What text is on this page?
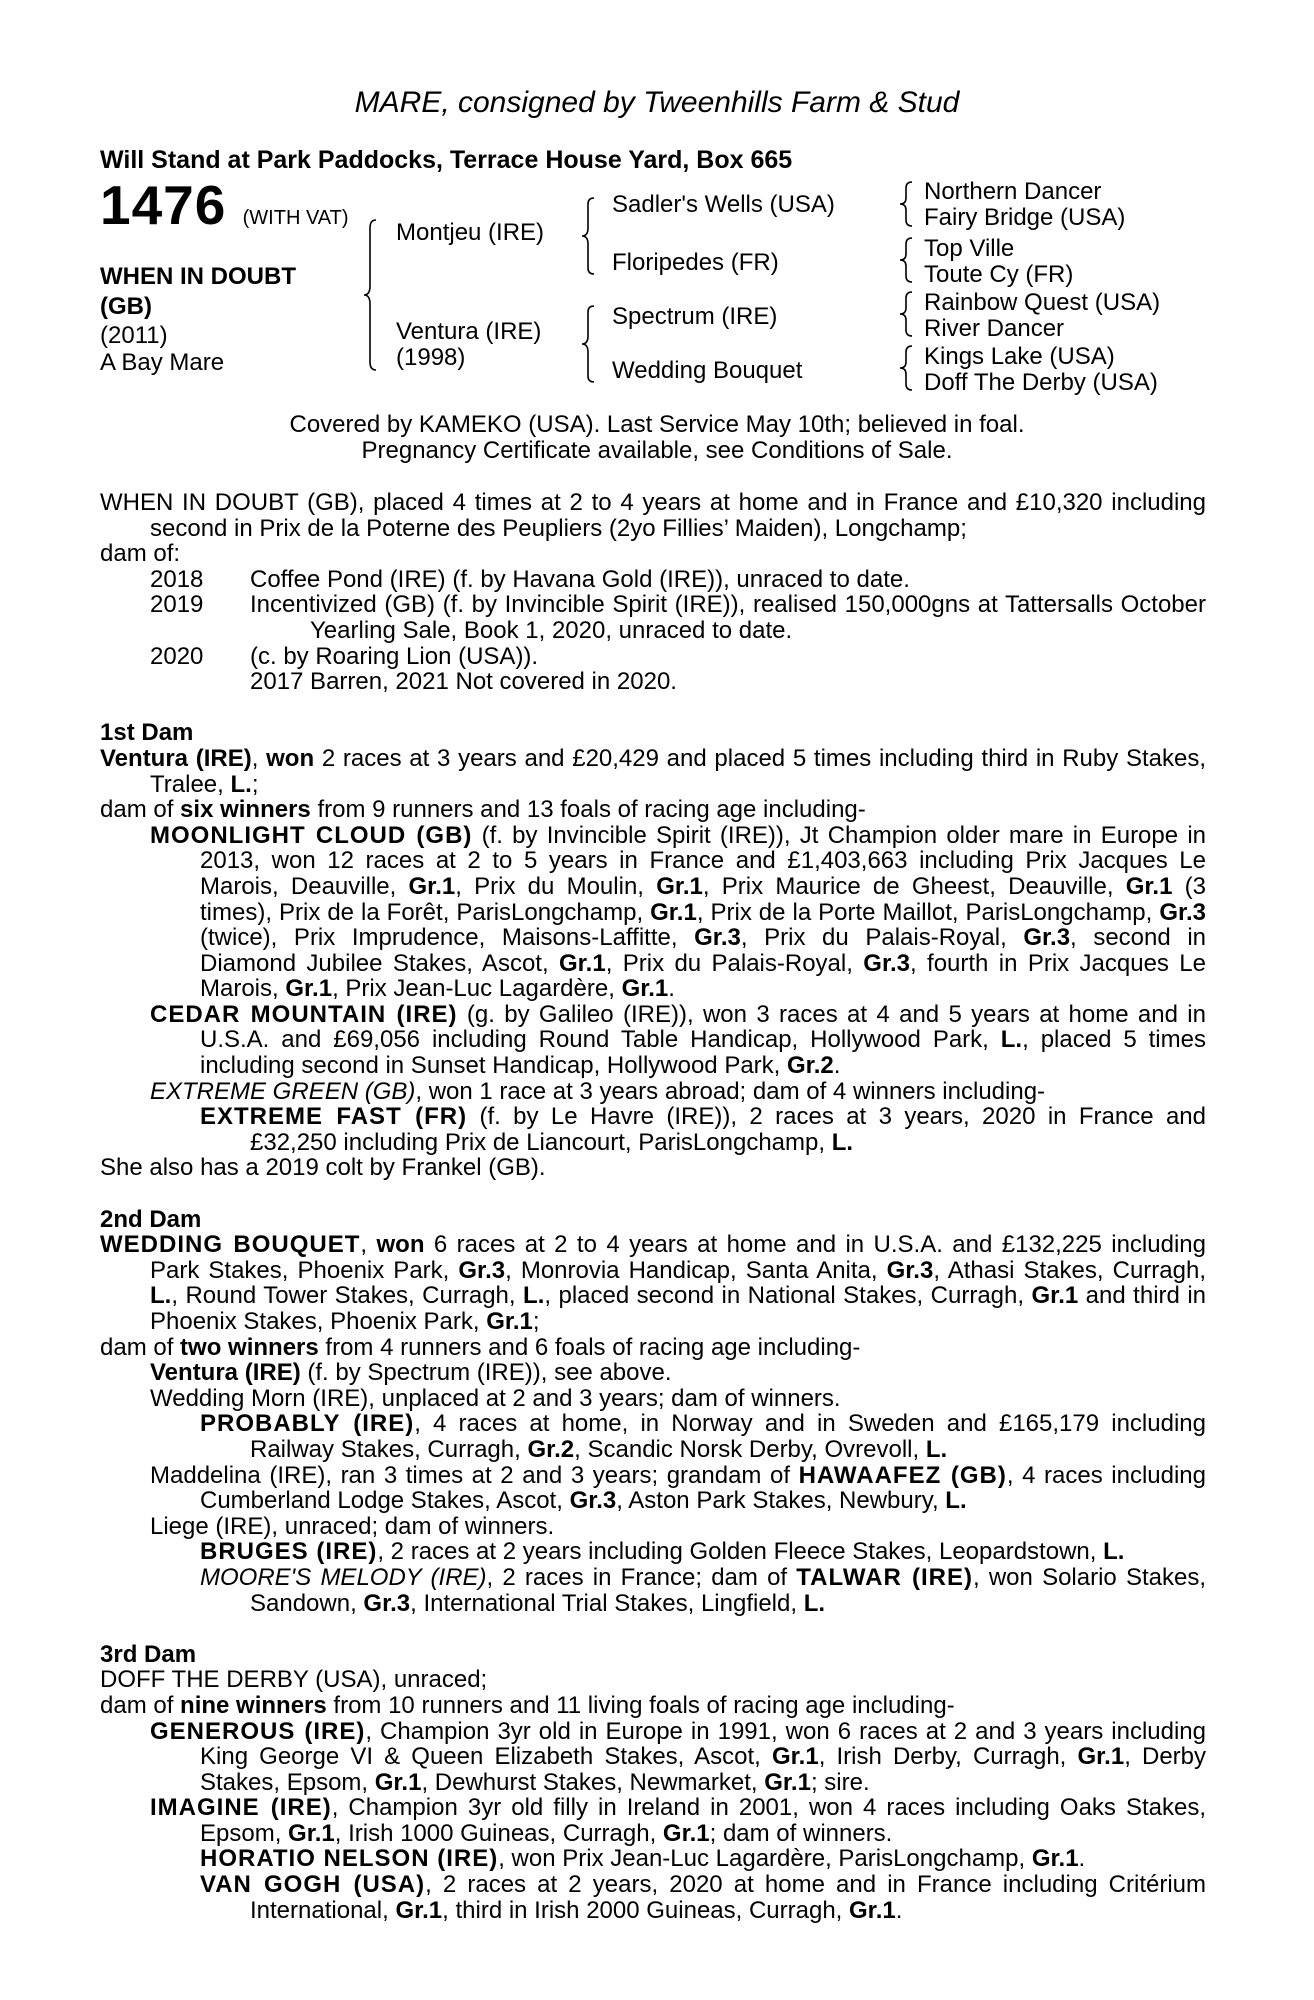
MARE, consigned by Tweenhills Farm & Stud
Will Stand at Park Paddocks, Terrace House Yard, Box 665
1476 (WITH VAT)
WHEN IN DOUBT
(GB)
(2011)
A Bay Mare
Montjeu (IRE)
Ventura (IRE)
(1998)
Sadler's Wells (USA)
Floripedes (FR)
Spectrum (IRE)
Wedding Bouquet
Northern Dancer
Fairy Bridge (USA)
Top Ville
Toute Cy (FR)
Rainbow Quest (USA)
River Dancer
Kings Lake (USA)
Doff The Derby (USA)
Covered by KAMEKO (USA). Last Service May 10th; believed in foal.
Pregnancy Certificate available, see Conditions of Sale.
WHEN IN DOUBT (GB), placed 4 times at 2 to 4 years at home and in France and £10,320 including second in Prix de la Poterne des Peupliers (2yo Fillies’ Maiden), Longchamp;
dam of:
2018	Coffee Pond (IRE) (f. by Havana Gold (IRE)), unraced to date.
2019	Incentivized (GB) (f. by Invincible Spirit (IRE)), realised 150,000gns at Tattersalls October Yearling Sale, Book 1, 2020, unraced to date.
2020	(c. by Roaring Lion (USA)).
2017 Barren, 2021 Not covered in 2020.
1st Dam
Ventura (IRE), won 2 races at 3 years and £20,429 and placed 5 times including third in Ruby Stakes, Tralee, L.;
dam of six winners from 9 runners and 13 foals of racing age including-
MOONLIGHT CLOUD (GB) (f. by Invincible Spirit (IRE)), Jt Champion older mare in Europe in 2013, won 12 races at 2 to 5 years in France and £1,403,663 including Prix Jacques Le Marois, Deauville, Gr.1, Prix du Moulin, Gr.1, Prix Maurice de Gheest, Deauville, Gr.1 (3 times), Prix de la Forêt, ParisLongchamp, Gr.1, Prix de la Porte Maillot, ParisLongchamp, Gr.3 (twice), Prix Imprudence, Maisons-Laffitte, Gr.3, Prix du Palais-Royal, Gr.3, second in Diamond Jubilee Stakes, Ascot, Gr.1, Prix du Palais-Royal, Gr.3, fourth in Prix Jacques Le Marois, Gr.1, Prix Jean-Luc Lagardère, Gr.1.
CEDAR MOUNTAIN (IRE) (g. by Galileo (IRE)), won 3 races at 4 and 5 years at home and in U.S.A. and £69,056 including Round Table Handicap, Hollywood Park, L., placed 5 times including second in Sunset Handicap, Hollywood Park, Gr.2.
EXTREME GREEN (GB), won 1 race at 3 years abroad; dam of 4 winners including-
EXTREME FAST (FR) (f. by Le Havre (IRE)), 2 races at 3 years, 2020 in France and £32,250 including Prix de Liancourt, ParisLongchamp, L.
She also has a 2019 colt by Frankel (GB).
2nd Dam
WEDDING BOUQUET, won 6 races at 2 to 4 years at home and in U.S.A. and £132,225 including Park Stakes, Phoenix Park, Gr.3, Monrovia Handicap, Santa Anita, Gr.3, Athasi Stakes, Curragh, L., Round Tower Stakes, Curragh, L., placed second in National Stakes, Curragh, Gr.1 and third in Phoenix Stakes, Phoenix Park, Gr.1;
dam of two winners from 4 runners and 6 foals of racing age including-
Ventura (IRE) (f. by Spectrum (IRE)), see above.
Wedding Morn (IRE), unplaced at 2 and 3 years; dam of winners.
PROBABLY (IRE), 4 races at home, in Norway and in Sweden and £165,179 including Railway Stakes, Curragh, Gr.2, Scandic Norsk Derby, Ovrevoll, L.
Maddelina (IRE), ran 3 times at 2 and 3 years; grandam of HAWAAFEZ (GB), 4 races including Cumberland Lodge Stakes, Ascot, Gr.3, Aston Park Stakes, Newbury, L.
Liege (IRE), unraced; dam of winners.
BRUGES (IRE), 2 races at 2 years including Golden Fleece Stakes, Leopardstown, L.
MOORE'S MELODY (IRE), 2 races in France; dam of TALWAR (IRE), won Solario Stakes, Sandown, Gr.3, International Trial Stakes, Lingfield, L.
3rd Dam
DOFF THE DERBY (USA), unraced;
dam of nine winners from 10 runners and 11 living foals of racing age including-
GENEROUS (IRE), Champion 3yr old in Europe in 1991, won 6 races at 2 and 3 years including King George VI & Queen Elizabeth Stakes, Ascot, Gr.1, Irish Derby, Curragh, Gr.1, Derby Stakes, Epsom, Gr.1, Dewhurst Stakes, Newmarket, Gr.1; sire.
IMAGINE (IRE), Champion 3yr old filly in Ireland in 2001, won 4 races including Oaks Stakes, Epsom, Gr.1, Irish 1000 Guineas, Curragh, Gr.1; dam of winners.
HORATIO NELSON (IRE), won Prix Jean-Luc Lagardère, ParisLongchamp, Gr.1.
VAN GOGH (USA), 2 races at 2 years, 2020 at home and in France including Critérium International, Gr.1, third in Irish 2000 Guineas, Curragh, Gr.1.
